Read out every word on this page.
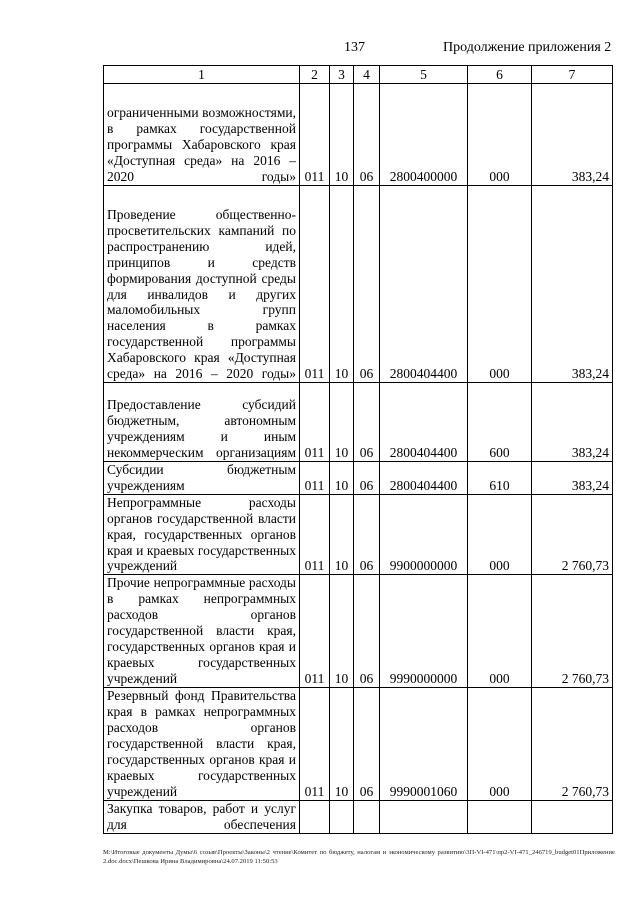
137	Продолжение приложения 2
1	2	3	4	5	6	7
ограниченными возможностями, в рамках государственной программы Хабаровского края «Доступная среда» на 2016 – 2020 годы»	011	10	06	2800400000	000	383,24
Проведение общественно-просветительских кампаний по распространению идей, принципов и средств формирования доступной среды для инвалидов и других маломобильных групп населения в рамках государственной программы Хабаровского края «Доступная среда» на 2016 – 2020 годы»	011	10	06	2800404400	000	383,24
Предоставление субсидий бюджетным, автономным учреждениям и иным некоммерческим организациям	011	10	06	2800404400	600	383,24
Субсидии бюджетным учреждениям	011	10	06	2800404400	610	383,24
Непрограммные расходы органов государственной власти края, государственных органов края и краевых государственных учреждений	011	10	06	9900000000	000	2 760,73
Прочие непрограммные расходы в рамках непрограммных расходов органов государственной власти края, государственных органов края и краевых государственных учреждений	011	10	06	9990000000	000	2 760,73
Резервный фонд Правительства края в рамках непрограммных расходов органов государственной власти края, государственных органов края и краевых государственных учреждений	011	10	06	9990001060	000	2 760,73
Закупка товаров, работ и услуг для обеспечения						
M:\Итоговые документы Думы\6 созыв\Проекты\Законы\2 чтение\Комитет по бюджету, налогам и экономическому развитию\3П-VI-471\пр2-VI-471_246719_budget01Приложение 2.doc.docx\Пешкова Ирина Владимировна\24.07.2019 11:50:53
